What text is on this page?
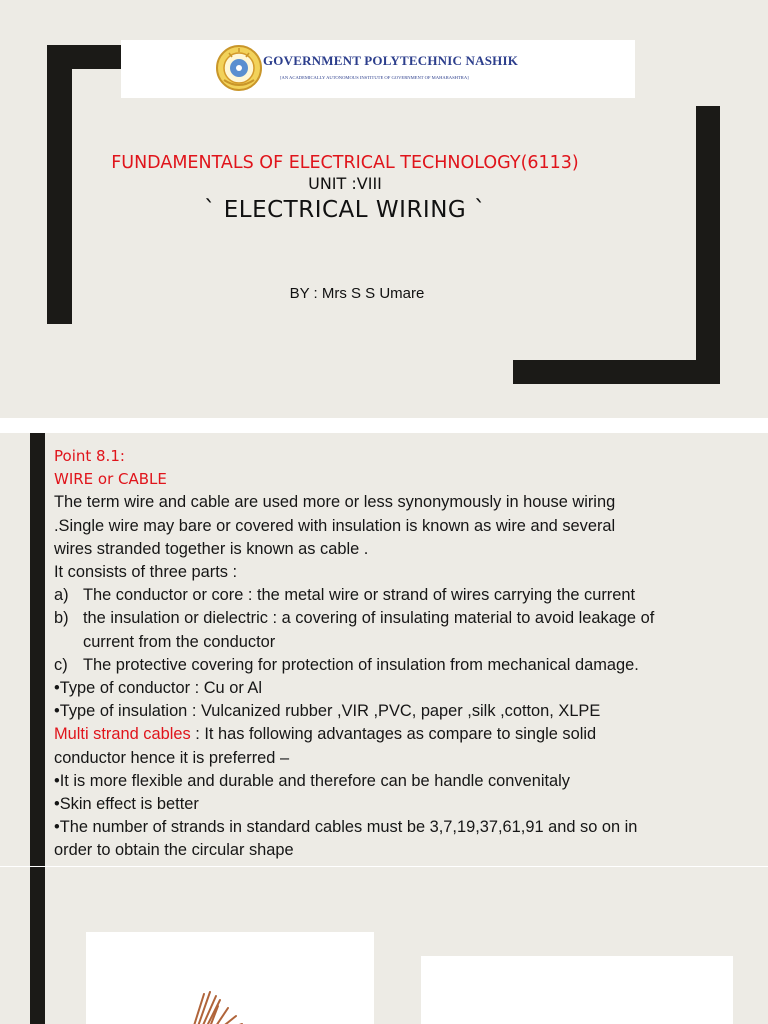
GOVERNMENT POLYTECHNIC NASHIK
[AN ACADEMICALLY AUTONOMOUS INSTITUTE OF GOVERNMENT OF MAHARASHTRA]
FUNDAMENTALS OF ELECTRICAL TECHNOLOGY(6113)
UNIT :VIII
` ELECTRICAL WIRING `
BY : Mrs S S Umare
Point 8.1:
WIRE or CABLE
The term wire and cable are used more or less synonymously in house wiring
.Single wire may bare or covered with insulation is known as wire and several
wires stranded together is known as cable .
It consists of three parts :
a) The conductor or core : the metal wire or strand of wires carrying the current
b) the insulation or dielectric : a covering of insulating material to avoid leakage of
current from the conductor
c) The protective covering for protection of insulation from mechanical damage.
•Type of conductor : Cu or Al
•Type of insulation : Vulcanized rubber ,VIR ,PVC, paper ,silk ,cotton, XLPE
Multi strand cables : It has following advantages as compare to single solid
conductor hence it is preferred –
•It is more flexible and durable and therefore can be handle convenitaly
•Skin effect is better
•The number of strands in standard cables must be 3,7,19,37,61,91 and so on in
order to obtain the circular shape
